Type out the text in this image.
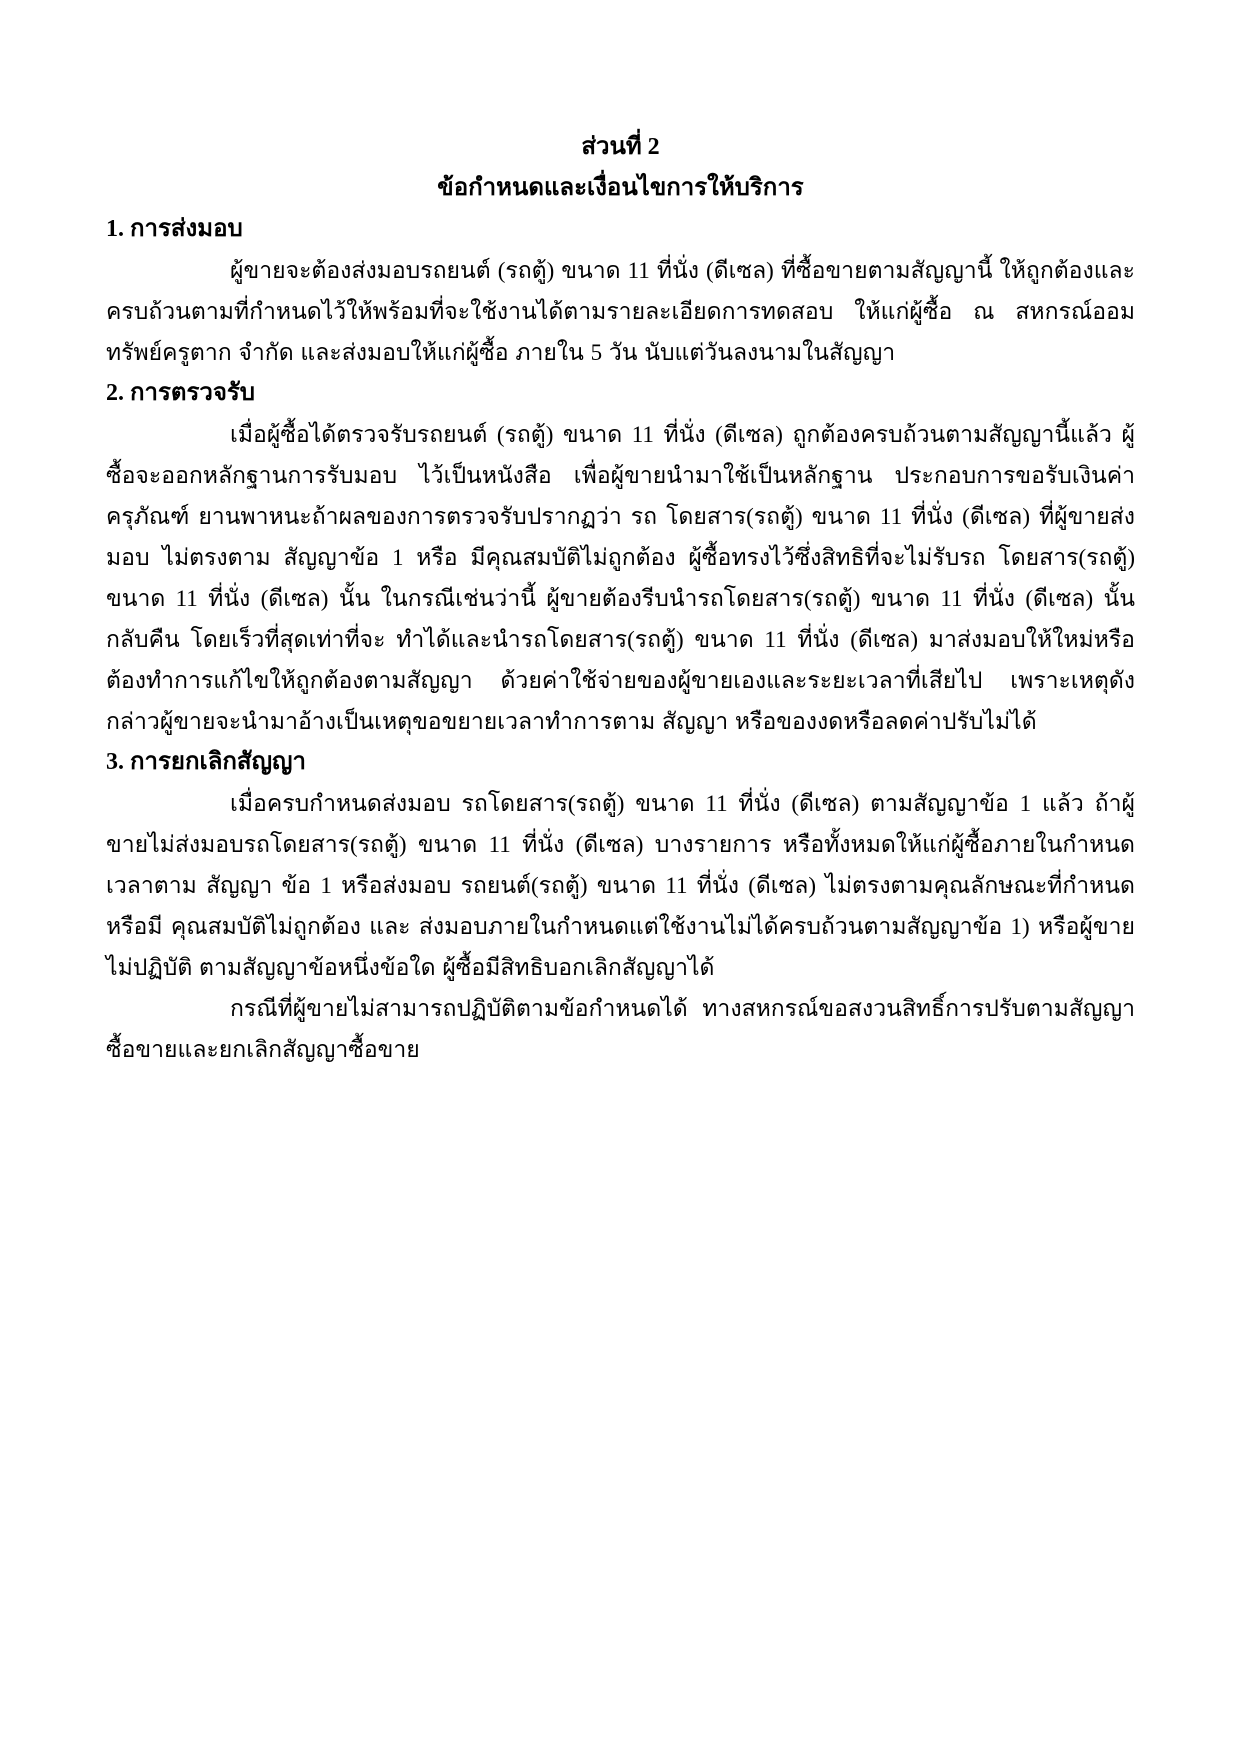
ส่วนที่ 2
ข้อกำหนดและเงื่อนไขการให้บริการ
1. การส่งมอบ

ผู้ขายจะต้องส่งมอบรถยนต์ (รถตู้) ขนาด 11 ที่นั่ง (ดีเซล) ที่ซื้อขายตามสัญญานี้ ให้ถูกต้องและครบถ้วนตามที่กำหนดไว้ให้พร้อมที่จะใช้งานได้ตามรายละเอียดการทดสอบ ให้แก่ผู้ซื้อ ณ สหกรณ์ออมทรัพย์ครูตาก จำกัด และส่งมอบให้แก่ผู้ซื้อ ภายใน 5 วัน นับแต่วันลงนามในสัญญา

2. การตรวจรับ

เมื่อผู้ซื้อได้ตรวจรับรถยนต์ (รถตู้) ขนาด 11 ที่นั่ง (ดีเซล) ถูกต้องครบถ้วนตามสัญญานี้แล้ว ผู้ซื้อจะออกหลักฐานการรับมอบ ไว้เป็นหนังสือ เพื่อผู้ขายนำมาใช้เป็นหลักฐาน ประกอบการขอรับเงินค่าครุภัณฑ์ ยานพาหนะถ้าผลของการตรวจรับปรากฏว่า รถ โดยสาร(รถตู้) ขนาด 11 ที่นั่ง (ดีเซล) ที่ผู้ขายส่งมอบ ไม่ตรงตาม สัญญาข้อ 1 หรือ มีคุณสมบัติไม่ถูกต้อง ผู้ซื้อทรงไว้ซึ่งสิทธิที่จะไม่รับรถ โดยสาร(รถตู้) ขนาด 11 ที่นั่ง (ดีเซล) นั้น ในกรณีเช่นว่านี้ ผู้ขายต้องรีบนำรถโดยสาร(รถตู้) ขนาด 11 ที่นั่ง (ดีเซล) นั้น กลับคืน โดยเร็วที่สุดเท่าที่จะ ทำได้และนำรถโดยสาร(รถตู้) ขนาด 11 ที่นั่ง (ดีเซล) มาส่งมอบให้ใหม่หรือต้องทำการแก้ไขให้ถูกต้องตามสัญญา ด้วยค่าใช้จ่ายของผู้ขายเองและระยะเวลาที่เสียไป เพราะเหตุดังกล่าวผู้ขายจะนำมาอ้างเป็นเหตุขอขยายเวลาทำการตาม สัญญา หรือของงดหรือลดค่าปรับไม่ได้

3. การยกเลิกสัญญา

เมื่อครบกำหนดส่งมอบ รถโดยสาร(รถตู้) ขนาด 11 ที่นั่ง (ดีเซล) ตามสัญญาข้อ 1 แล้ว ถ้าผู้ขายไม่ส่งมอบรถโดยสาร(รถตู้) ขนาด 11 ที่นั่ง (ดีเซล) บางรายการ หรือทั้งหมดให้แก่ผู้ซื้อภายในกำหนดเวลาตาม สัญญา ข้อ 1 หรือส่งมอบ รถยนต์(รถตู้) ขนาด 11 ที่นั่ง (ดีเซล) ไม่ตรงตามคุณลักษณะที่กำหนด หรือมี คุณสมบัติไม่ถูกต้อง และ ส่งมอบภายในกำหนดแต่ใช้งานไม่ได้ครบถ้วนตามสัญญาข้อ 1) หรือผู้ขายไม่ปฏิบัติ ตามสัญญาข้อหนึ่งข้อใด ผู้ซื้อมีสิทธิบอกเลิกสัญญาได้

กรณีที่ผู้ขายไม่สามารถปฏิบัติตามข้อกำหนดได้ ทางสหกรณ์ขอสงวนสิทธิ์การปรับตามสัญญาซื้อขายและยกเลิกสัญญาซื้อขาย
